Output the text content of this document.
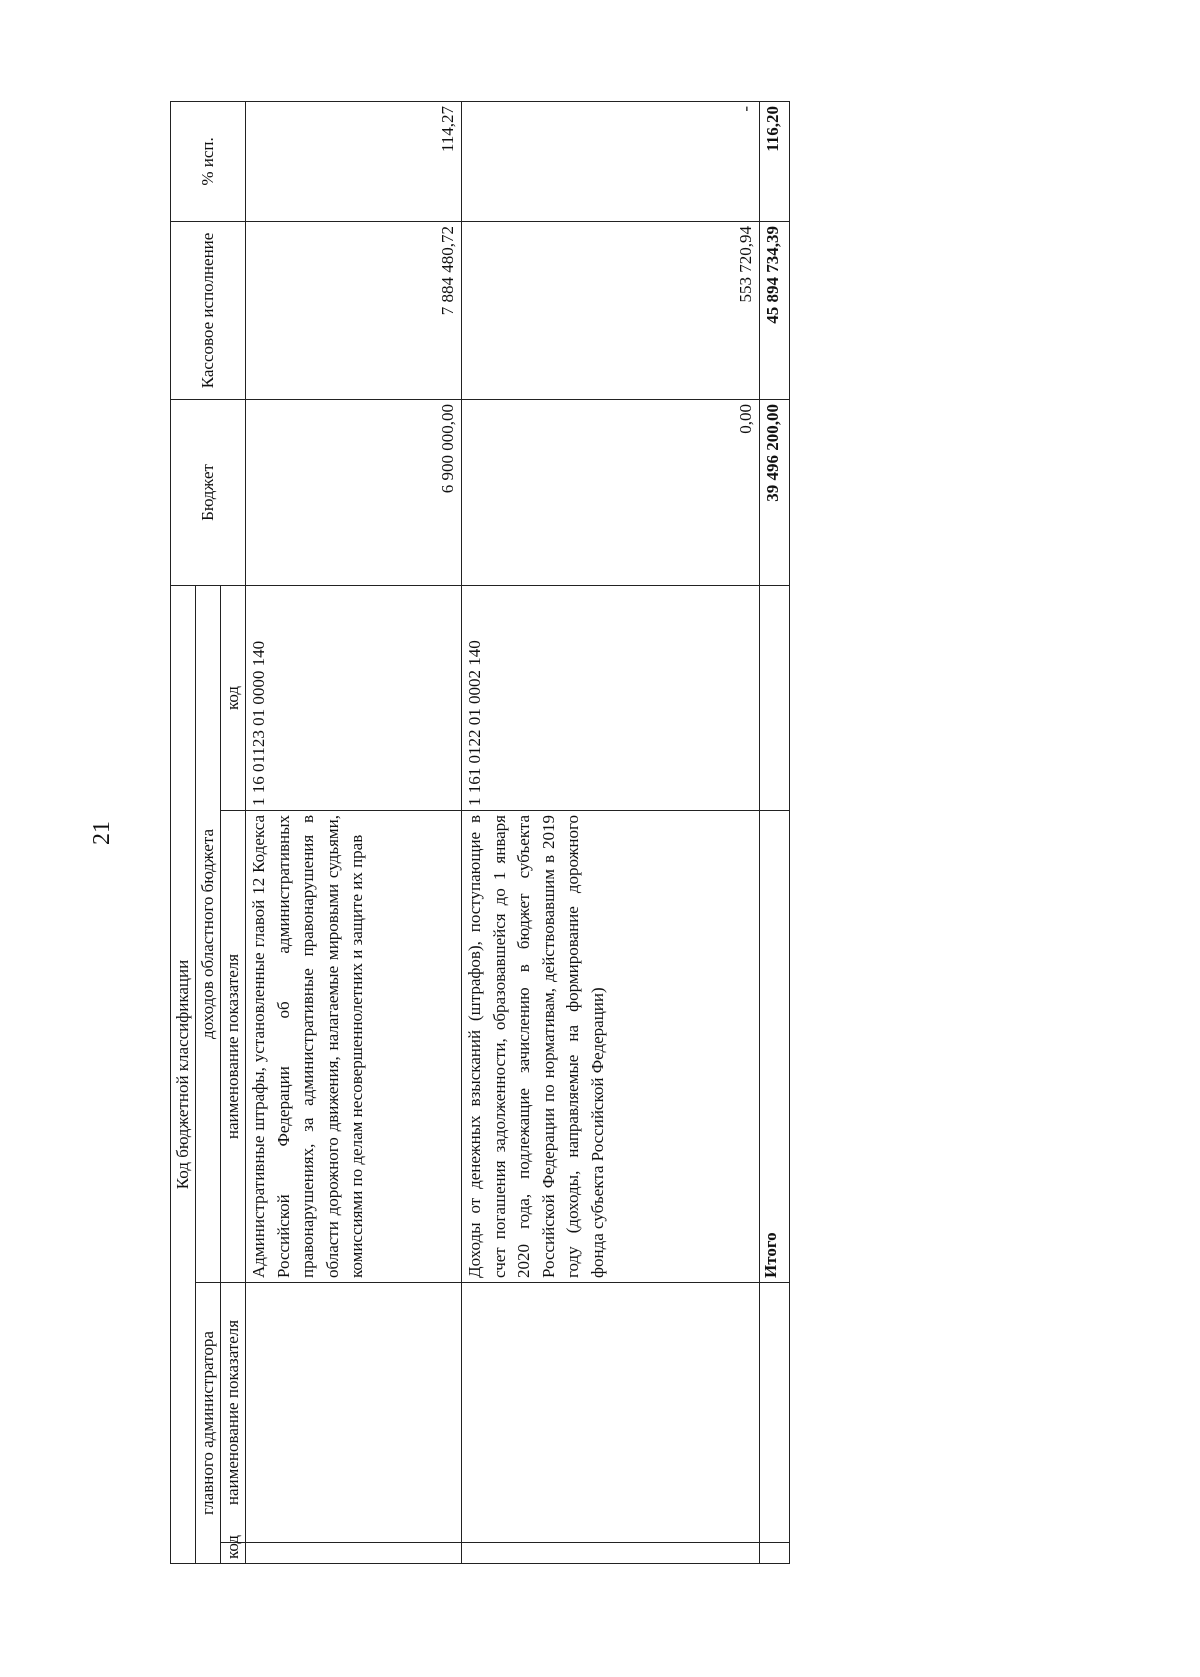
21
Код бюджетной классификации				Бюджет	Кассовое исполнение	% исп.
главного администратора		доходов областного бюджета				
код	наименование показателя	наименование показателя	код			
		Административные штрафы, установленные главой 12 Кодекса Российской Федерации об административных правонарушениях, за административные правонарушения в области дорожного движения, налагаемые мировыми судьями, комиссиями по делам несовершеннолетних и защите их прав	1 16 01123 01 0000 140	6 900 000,00	7 884 480,72	114,27
		Доходы от денежных взысканий (штрафов), поступающие в счет погашения задолженности, образовавшейся до 1 января 2020 года, подлежащие зачислению в бюджет субъекта Российской Федерации по нормативам, действовавшим в 2019 году (доходы, направляемые на формирование дорожного фонда субъекта Российской Федерации)	1 161 0122 01 0002 140	0,00	553 720,94	-
		Итого		39 496 200,00	45 894 734,39	116,20
